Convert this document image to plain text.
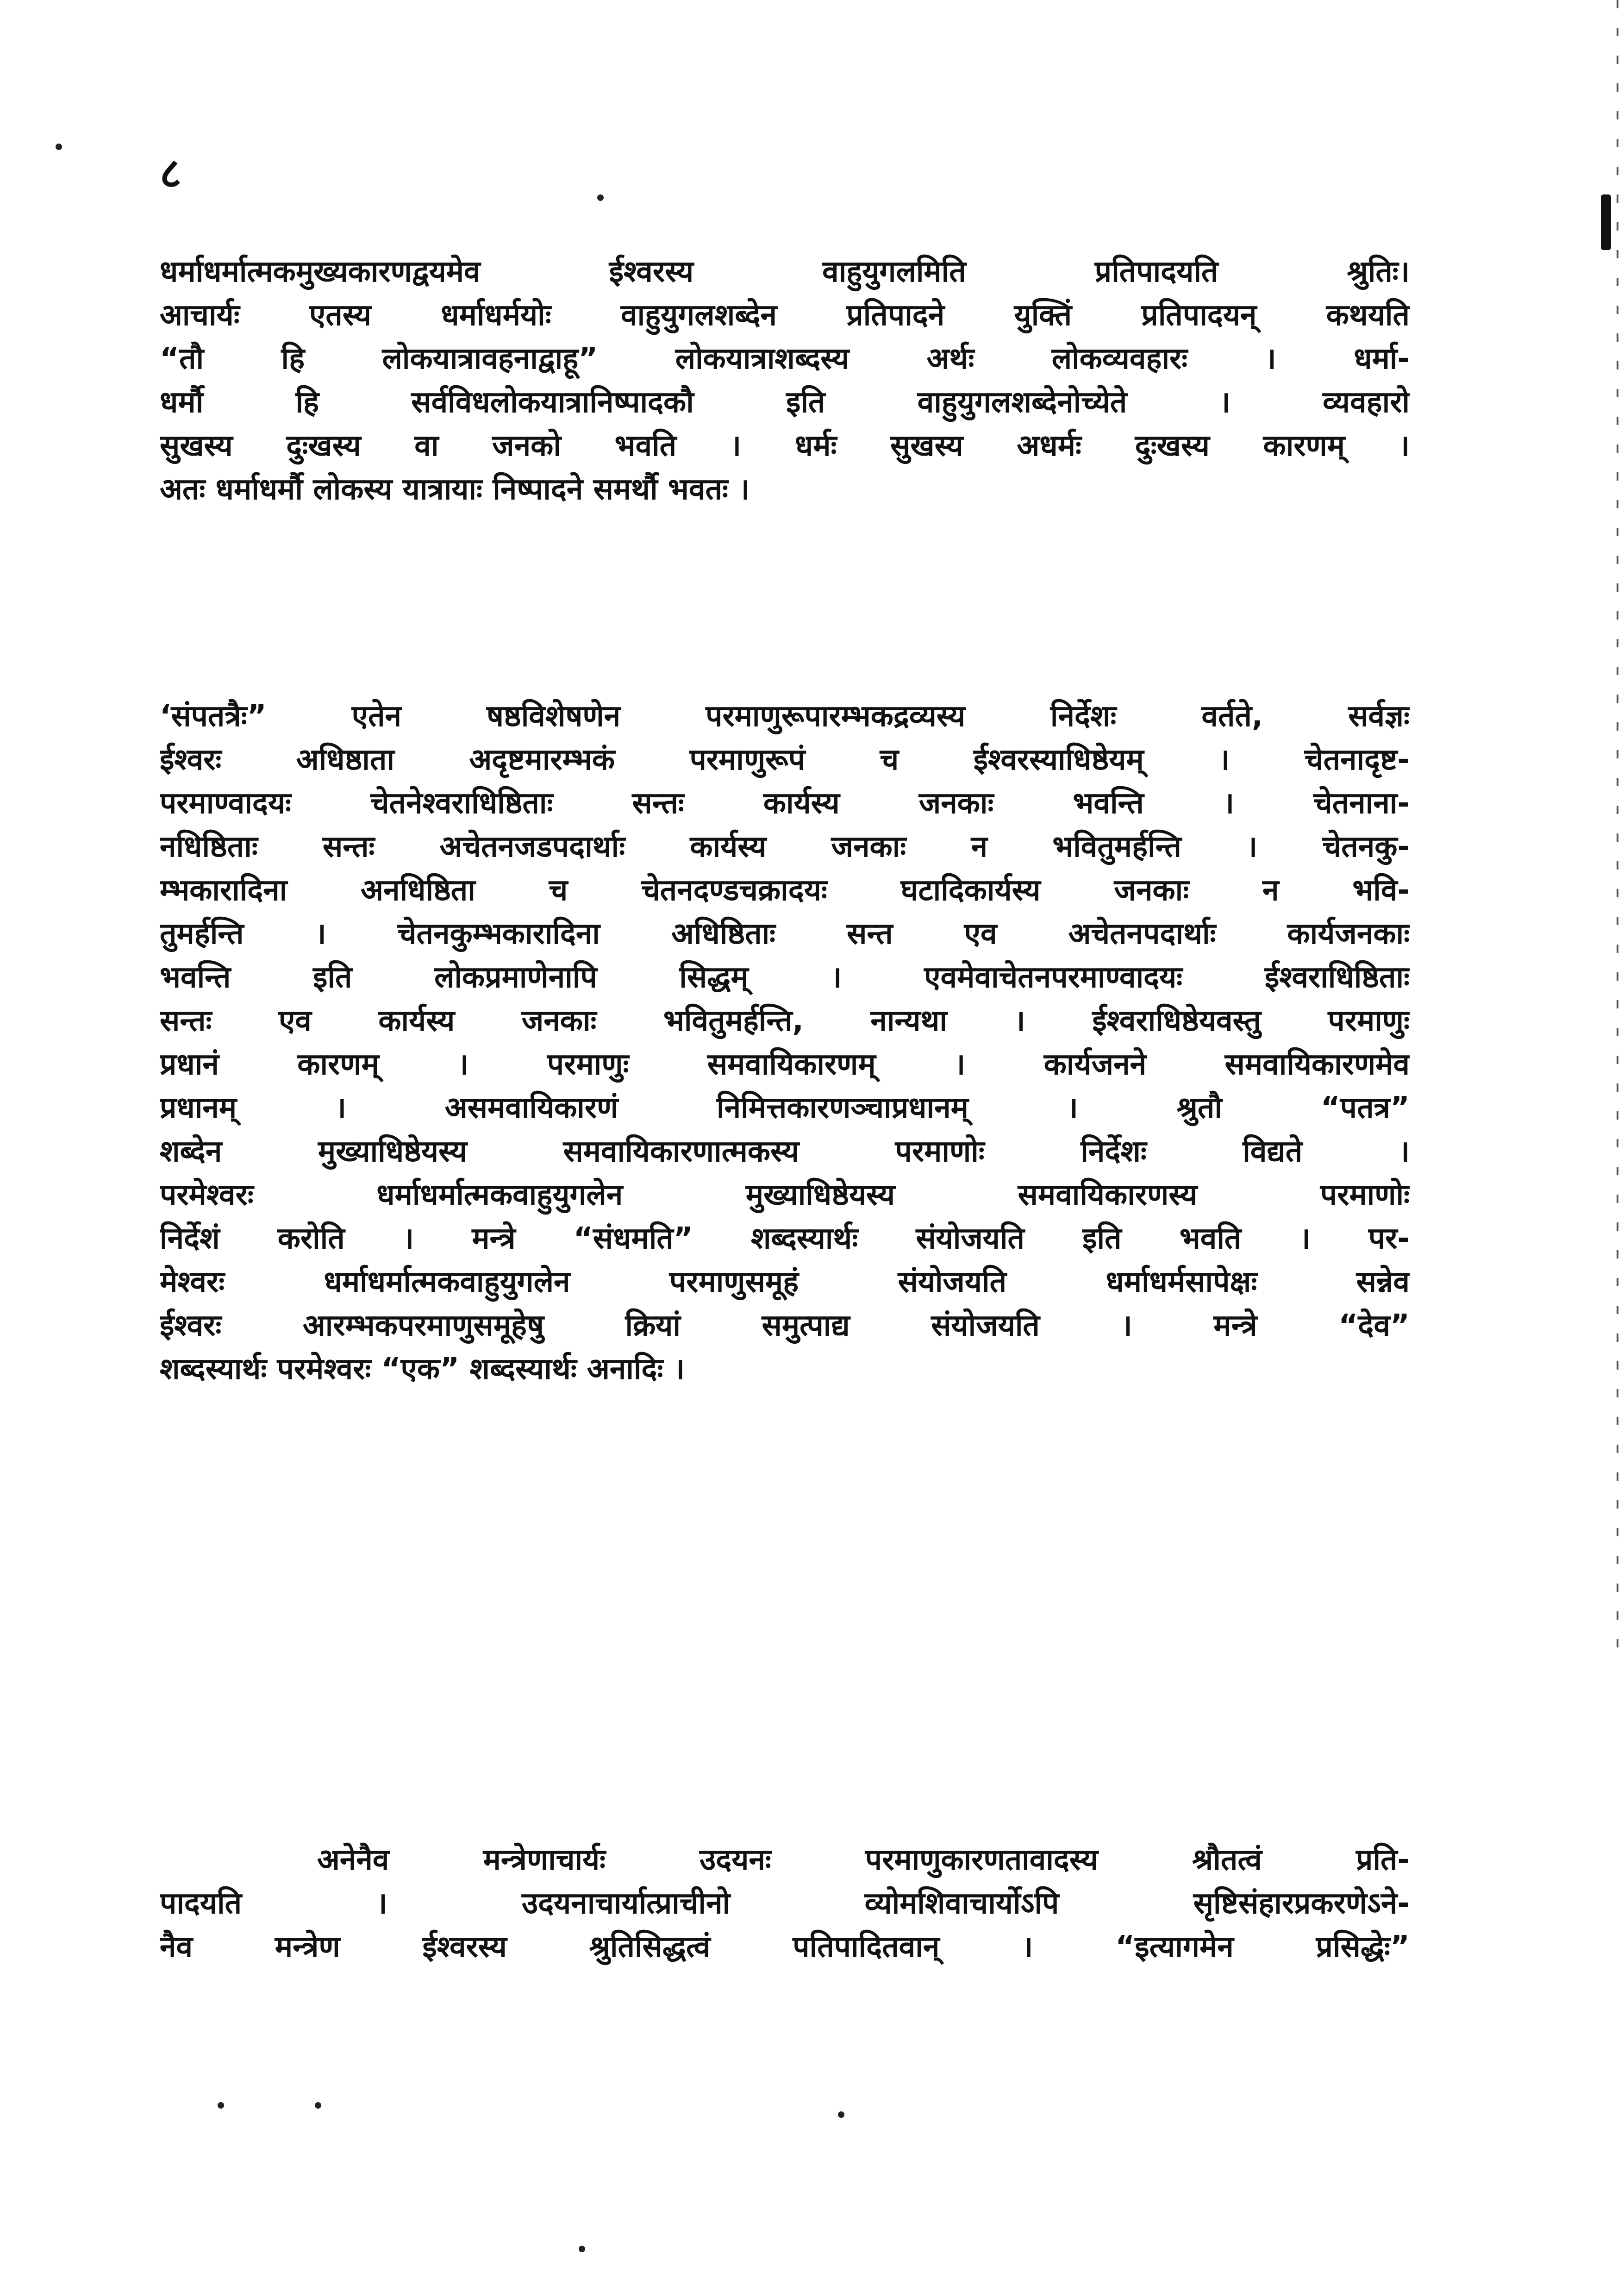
८
धर्माधर्मात्मकमुख्यकारणद्वयमेव ईश्वरस्य वाहुयुगलमिति प्रतिपादयति श्रुतिः।
आचार्यः एतस्य धर्माधर्मयोः वाहुयुगलशब्देन प्रतिपादने युक्तिं प्रतिपादयन् कथयति
“तौ हि लोकयात्रावहनाद्वाहू” लोकयात्राशब्दस्य अर्थः लोकव्यवहारः । धर्मा-
धर्मौ हि सर्वविधलोकयात्रानिष्पादकौ इति वाहुयुगलशब्देनोच्येते । व्यवहारो
सुखस्य दुःखस्य वा जनको भवति । धर्मः सुखस्य अधर्मः दुःखस्य कारणम् ।
अतः धर्माधर्मौ लोकस्य यात्रायाः निष्पादने समर्थौ भवतः ।
‘संपतत्रैः” एतेन षष्ठविशेषणेन परमाणुरूपारम्भकद्रव्यस्य निर्देशः वर्तते, सर्वज्ञः
ईश्वरः अधिष्ठाता अदृष्टमारम्भकं परमाणुरूपं च ईश्वरस्याधिष्ठेयम् । चेतनादृष्ट-
परमाण्वादयः चेतनेश्वराधिष्ठिताः सन्तः कार्यस्य जनकाः भवन्ति । चेतनाना-
नधिष्ठिताः सन्तः अचेतनजडपदार्थाः कार्यस्य जनकाः न भवितुमर्हन्ति । चेतनकु-
म्भकारादिना अनधिष्ठिता च चेतनदण्डचक्रादयः घटादिकार्यस्य जनकाः न भवि-
तुमर्हन्ति । चेतनकुम्भकारादिना अधिष्ठिताः सन्त एव अचेतनपदार्थाः कार्यजनकाः
भवन्ति इति लोकप्रमाणेनापि सिद्धम् । एवमेवाचेतनपरमाण्वादयः ईश्वराधिष्ठिताः
सन्तः एव कार्यस्य जनकाः भवितुमर्हन्ति, नान्यथा । ईश्वराधिष्ठेयवस्तु परमाणुः
प्रधानं कारणम् । परमाणुः समवायिकारणम् । कार्यजनने समवायिकारणमेव
प्रधानम् । असमवायिकारणं निमित्तकारणञ्चाप्रधानम् । श्रुतौ “पतत्र”
शब्देन मुख्याधिष्ठेयस्य समवायिकारणात्मकस्य परमाणोः निर्देशः विद्यते ।
परमेश्वरः धर्माधर्मात्मकवाहुयुगलेन मुख्याधिष्ठेयस्य समवायिकारणस्य परमाणोः
निर्देशं करोति । मन्त्रे “संधमति” शब्दस्यार्थः संयोजयति इति भवति । पर-
मेश्वरः धर्माधर्मात्मकवाहुयुगलेन परमाणुसमूहं संयोजयति धर्माधर्मसापेक्षः सन्नेव
ईश्वरः आरम्भकपरमाणुसमूहेषु क्रियां समुत्पाद्य संयोजयति । मन्त्रे “देव”
शब्दस्यार्थः परमेश्वरः “एक” शब्दस्यार्थः अनादिः ।
अनेनैव मन्त्रेणाचार्यः उदयनः परमाणुकारणतावादस्य श्रौतत्वं प्रति-
पादयति । उदयनाचार्यात्प्राचीनो व्योमशिवाचार्योऽपि सृष्टिसंहारप्रकरणेऽने-
नैव मन्त्रेण ईश्वरस्य श्रुतिसिद्धत्वं पतिपादितवान् । “इत्यागमेन प्रसिद्धेः”
